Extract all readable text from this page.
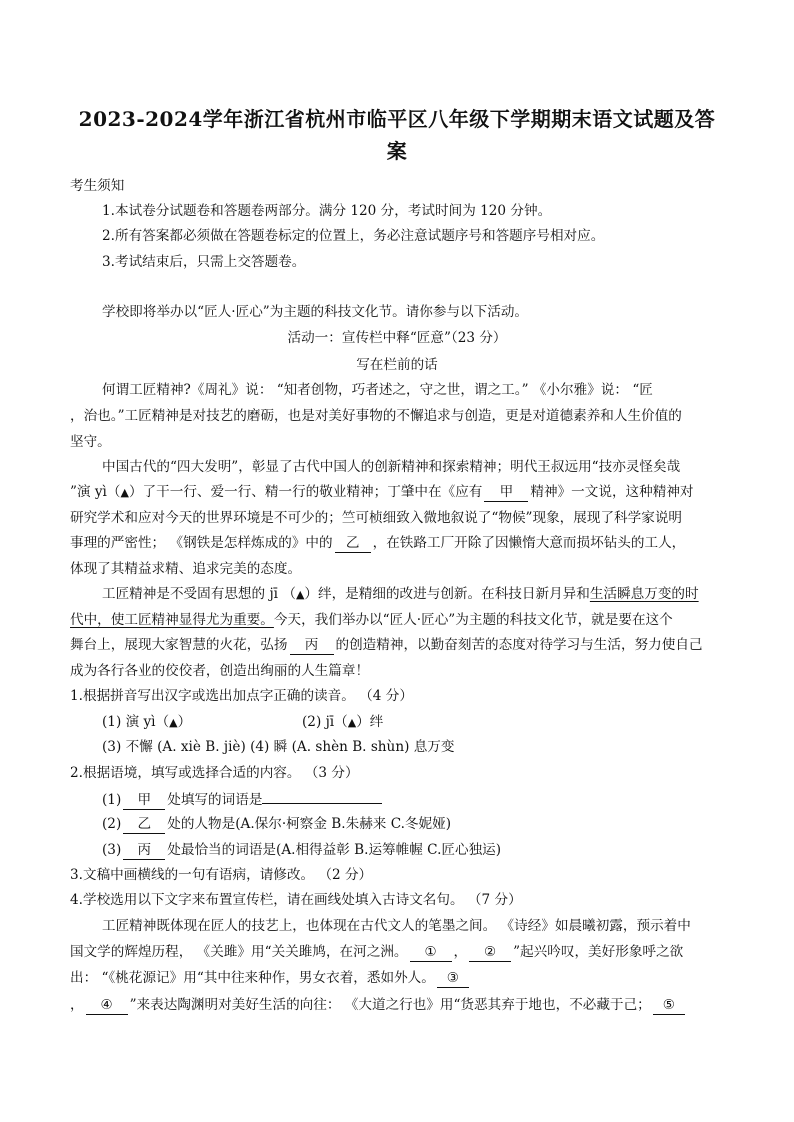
2023-2024学年浙江省杭州市临平区八年级下学期期末语文试题及答
案
考生须知
1.本试卷分试题卷和答题卷两部分。满分 120 分，考试时间为 120 分钟。
2.所有答案都必须做在答题卷标定的位置上，务必注意试题序号和答题序号相对应。
3.考试结束后，只需上交答题卷。
学校即将举办以“匠人·匠心”为主题的科技文化节。请你参与以下活动。
活动一：宣传栏中释“匠意”（23 分）
写在栏前的话
何谓工匠精神?《周礼》说： “知者创物，巧者述之，守之世，谓之工。” 《小尔雅》说： “匠
，治也。”工匠精神是对技艺的磨砺，也是对美好事物的不懈追求与创造，更是对道德素养和人生价值的
坚守。
中国古代的“四大发明”，彰显了古代中国人的创新精神和探索精神；明代王叔远用“技亦灵怪矣哉
”演 yì（▲）了干一行、爱一行、精一行的敬业精神；丁肇中在《应有 甲 精神》一文说，这种精神对
研究学术和应对今天的世界环境是不可少的；竺可桢细致入微地叙说了“物候”现象，展现了科学家说明
事理的严密性； 《钢铁是怎样炼成的》中的 乙 ，在铁路工厂开除了因懒惰大意而损坏钻头的工人，
体现了其精益求精、追求完美的态度。
工匠精神是不受固有思想的 jī （▲）绊，是精细的改进与创新。在科技日新月异和生活瞬息万变的时
代中，使工匠精神显得尤为重要。今天，我们举办以“匠人·匠心”为主题的科技文化节，就是要在这个
舞台上，展现大家智慧的火花，弘扬 丙 的创造精神，以勤奋刻苦的态度对待学习与生活，努力使自己
成为各行各业的佼佼者，创造出绚丽的人生篇章！
1.根据拼音写出汉字或选出加点字正确的读音。 （4 分）
(1) 演 yì（▲）	(2) jī（▲）绊
(3) 不懈 (A. xiè B. jiè) (4) 瞬 (A. shèn B. shùn) 息万变
2.根据语境，填写或选择合适的内容。 （3 分）
(1) 甲 处填写的词语是
(2) 乙 处的人物是(A.保尔·柯察金 B.朱赫来 C.冬妮娅)
(3) 丙 处最恰当的词语是(A.相得益彰 B.运筹帷幄 C.匠心独运)
3.文稿中画横线的一句有语病，请修改。 （2 分）
4.学校选用以下文字来布置宣传栏，请在画线处填入古诗文名句。 （7 分）
工匠精神既体现在匠人的技艺上，也体现在古代文人的笔墨之间。 《诗经》如晨曦初露，预示着中
国文学的辉煌历程， 《关雎》用“关关雎鸠，在河之洲。 ① ， ② ”起兴吟叹，美好形象呼之欲
出： “《桃花源记》用“其中往来种作，男女衣着，悉如外人。 ③
， ④ ”来表达陶渊明对美好生活的向往： 《大道之行也》用“货恶其弃于地也，不必藏于己； ⑤
